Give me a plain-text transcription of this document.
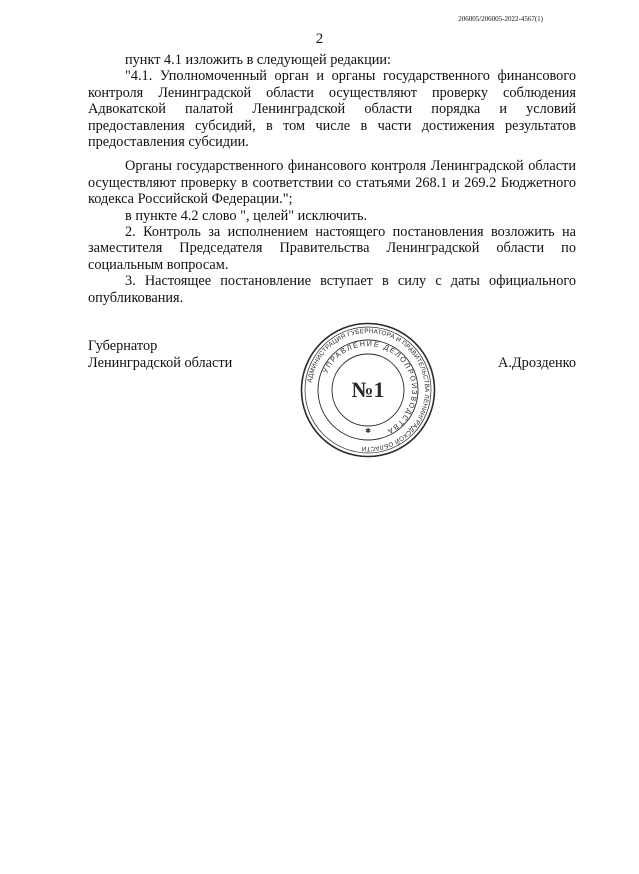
206005/206005-2022-4567(1)
2

пункт 4.1 изложить в следующей редакции:

"4.1. Уполномоченный орган и органы государственного финансового контроля Ленинградской области осуществляют проверку соблюдения Адвокатской палатой Ленинградской области порядка и условий предоставления субсидий, в том числе в части достижения результатов предоставления субсидии.

Органы государственного финансового контроля Ленинградской области осуществляют проверку в соответствии со статьями 268.1 и 269.2 Бюджетного кодекса Российской Федерации.";

в пункте 4.2 слово ", целей" исключить.

2. Контроль за исполнением настоящего постановления возложить на заместителя Председателя Правительства Ленинградской области по социальным вопросам.

3. Настоящее постановление вступает в силу с даты официального опубликования.

Губернатор
Ленинградской области	А.Дрозденко
АДМИНИСТРАЦИЯ ГУБЕРНАТОРА И ПРАВИТЕЛЬСТВА ЛЕНИНГРАДСКОЙ ОБЛАСТИ
УПРАВЛЕНИЕ ДЕЛОПРОИЗВОДСТВА
№1
✱
